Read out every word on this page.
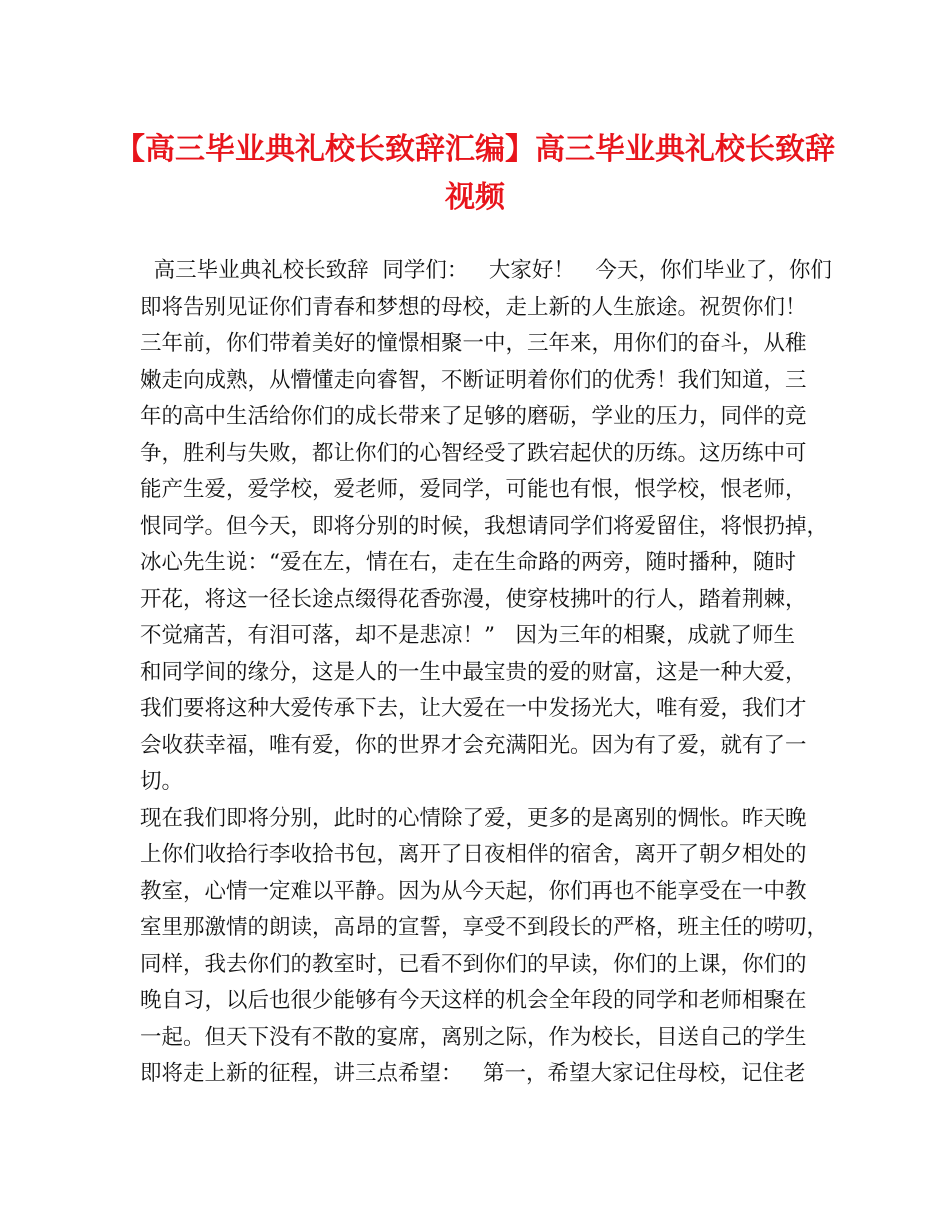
【高三毕业典礼校长致辞汇编】高三毕业典礼校长致辞
视频
高三毕业典礼校长致辞  同学们：   大家好！   今天，你们毕业了，你们
即将告别见证你们青春和梦想的母校，走上新的人生旅途。祝贺你们！
三年前，你们带着美好的憧憬相聚一中，三年来，用你们的奋斗，从稚
嫩走向成熟，从懵懂走向睿智，不断证明着你们的优秀！我们知道，三
年的高中生活给你们的成长带来了足够的磨砺，学业的压力，同伴的竞
争，胜利与失败，都让你们的心智经受了跌宕起伏的历练。这历练中可
能产生爱，爱学校，爱老师，爱同学，可能也有恨，恨学校，恨老师，
恨同学。但今天，即将分别的时候，我想请同学们将爱留住，将恨扔掉，
冰心先生说：“爱在左，情在右，走在生命路的两旁，随时播种，随时
开花，将这一径长途点缀得花香弥漫，使穿枝拂叶的行人，踏着荆棘，
不觉痛苦，有泪可落，却不是悲凉！”   因为三年的相聚，成就了师生
和同学间的缘分，这是人的一生中最宝贵的爱的财富，这是一种大爱，
我们要将这种大爱传承下去，让大爱在一中发扬光大，唯有爱，我们才
会收获幸福，唯有爱，你的世界才会充满阳光。因为有了爱，就有了一
切。
现在我们即将分别，此时的心情除了爱，更多的是离别的惆怅。昨天晚
上你们收拾行李收拾书包，离开了日夜相伴的宿舍，离开了朝夕相处的
教室，心情一定难以平静。因为从今天起，你们再也不能享受在一中教
室里那激情的朗读，高昂的宣誓，享受不到段长的严格，班主任的唠叨，
同样，我去你们的教室时，已看不到你们的早读，你们的上课，你们的
晚自习，以后也很少能够有今天这样的机会全年段的同学和老师相聚在
一起。但天下没有不散的宴席，离别之际，作为校长，目送自己的学生
即将走上新的征程，讲三点希望：   第一，希望大家记住母校，记住老
